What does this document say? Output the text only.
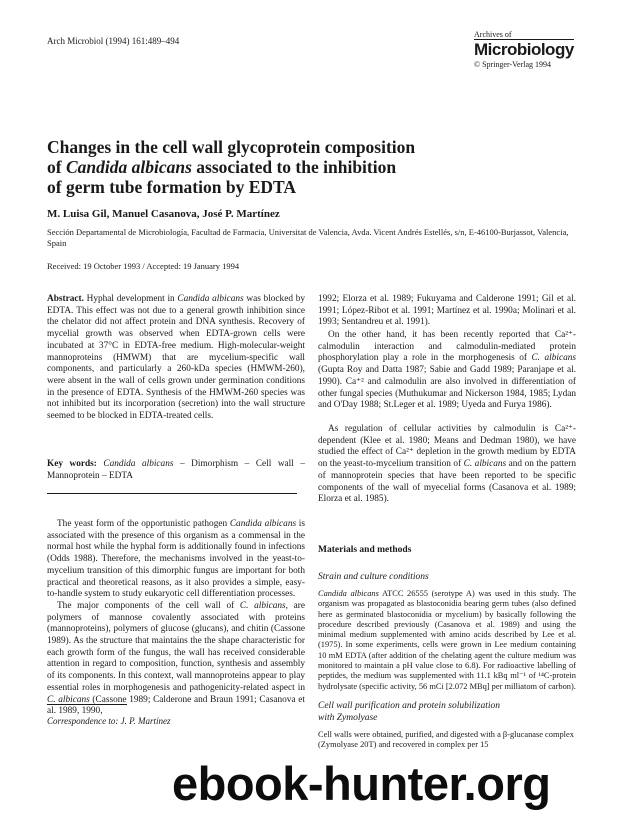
Arch Microbiol (1994) 161:489–494
Archives of
Microbiology
© Springer-Verlag 1994
Changes in the cell wall glycoprotein composition
of Candida albicans associated to the inhibition
of germ tube formation by EDTA
M. Luisa Gil, Manuel Casanova, José P. Martínez
Sección Departamental de Microbiología, Facultad de Farmacia, Universitat de Valencia, Avda. Vicent Andrés Estellés, s/n, E-46100-Burjassot, Valencia, Spain
Received: 19 October 1993 / Accepted: 19 January 1994
Abstract. Hyphal development in Candida albicans was blocked by EDTA. This effect was not due to a general growth inhibition since the chelator did not affect protein and DNA synthesis. Recovery of mycelial growth was observed when EDTA-grown cells were incubated at 37°C in EDTA-free medium. High-molecular-weight mannoproteins (HMWM) that are mycelium-specific wall components, and particularly a 260-kDa species (HMWM-260), were absent in the wall of cells grown under germination conditions in the presence of EDTA. Synthesis of the HMWM-260 species was not inhibited but its incorporation (secretion) into the wall structure seemed to be blocked in EDTA-treated cells.
Key words: Candida albicans – Dimorphism – Cell wall – Mannoprotein – EDTA

The yeast form of the opportunistic pathogen Candida albicans is associated with the presence of this organism as a commensal in the normal host while the hyphal form is additionally found in infections (Odds 1988). Therefore, the mechanisms involved in the yeast-to-mycelium transition of this dimorphic fungus are important for both practical and theoretical reasons, as it also provides a simple, easy-to-handle system to study eukaryotic cell differentiation processes.

The major components of the cell wall of C. albicans, are polymers of mannose covalently associated with proteins (mannoproteins), polymers of glucose (glucans), and chitin (Cassone 1989). As the structure that maintains the the shape characteristic for each growth form of the fungus, the wall has received considerable attention in regard to composition, function, synthesis and assembly of its components. In this context, wall mannoproteins appear to play essential roles in morphogenesis and pathogenicity-related aspect in C. albicans (Cassone 1989; Calderone and Braun 1991; Casanova et al. 1989, 1990,

Correspondence to: J. P. Martínez
1992; Elorza et al. 1989; Fukuyama and Calderone 1991; Gil et al. 1991; López-Ribot et al. 1991; Martínez et al. 1990a; Molinari et al. 1993; Sentandreu et al. 1991).
On the other hand, it has been recently reported that Ca²⁺-calmodulin interaction and calmodulin-mediated protein phosphorylation play a role in the morphogenesis of C. albicans (Gupta Roy and Datta 1987; Sabie and Gadd 1989; Paranjape et al. 1990). Ca⁺² and calmodulin are also involved in differentiation of other fungal species (Muthukumar and Nickerson 1984, 1985; Lydan and O'Day 1988; St.Leger et al. 1989; Uyeda and Furya 1986).
As regulation of cellular activities by calmodulin is Ca²⁺-dependent (Klee et al. 1980; Means and Dedman 1980), we have studied the effect of Ca²⁺ depletion in the growth medium by EDTA on the yeast-to-mycelium transition of C. albicans and on the pattern of mannoprotein species that have been reported to be specific components of the wall of myecelial forms (Casanova et al. 1989; Elorza et al. 1985).
Materials and methods
Strain and culture conditions
Candida albicans ATCC 26555 (serotype A) was used in this study. The organism was propagated as blastoconidia bearing germ tubes (also defined here as germinated blastoconidia or mycelium) by basically following the procedure described previously (Casanova et al. 1989) and using the minimal medium supplemented with amino acids described by Lee et al. (1975). In some experiments, cells were grown in Lee medium containing 10 mM EDTA (after addition of the chelating agent the culture medium was monitored to maintain a pH value close to 6.8). For radioactive labelling of peptides, the medium was supplemented with 11.1 kBq ml⁻¹ of ¹⁴C-protein hydrolysate (specific activity, 56 mCi [2.072 MBq] per milliatom of carbon).
Cell wall purification and protein solubilization
with Zymolyase
Cell walls were obtained, purified, and digested with a β-glucanase complex (Zymolyase 20T) and recovered in complex per 15
ebook-hunter.org
